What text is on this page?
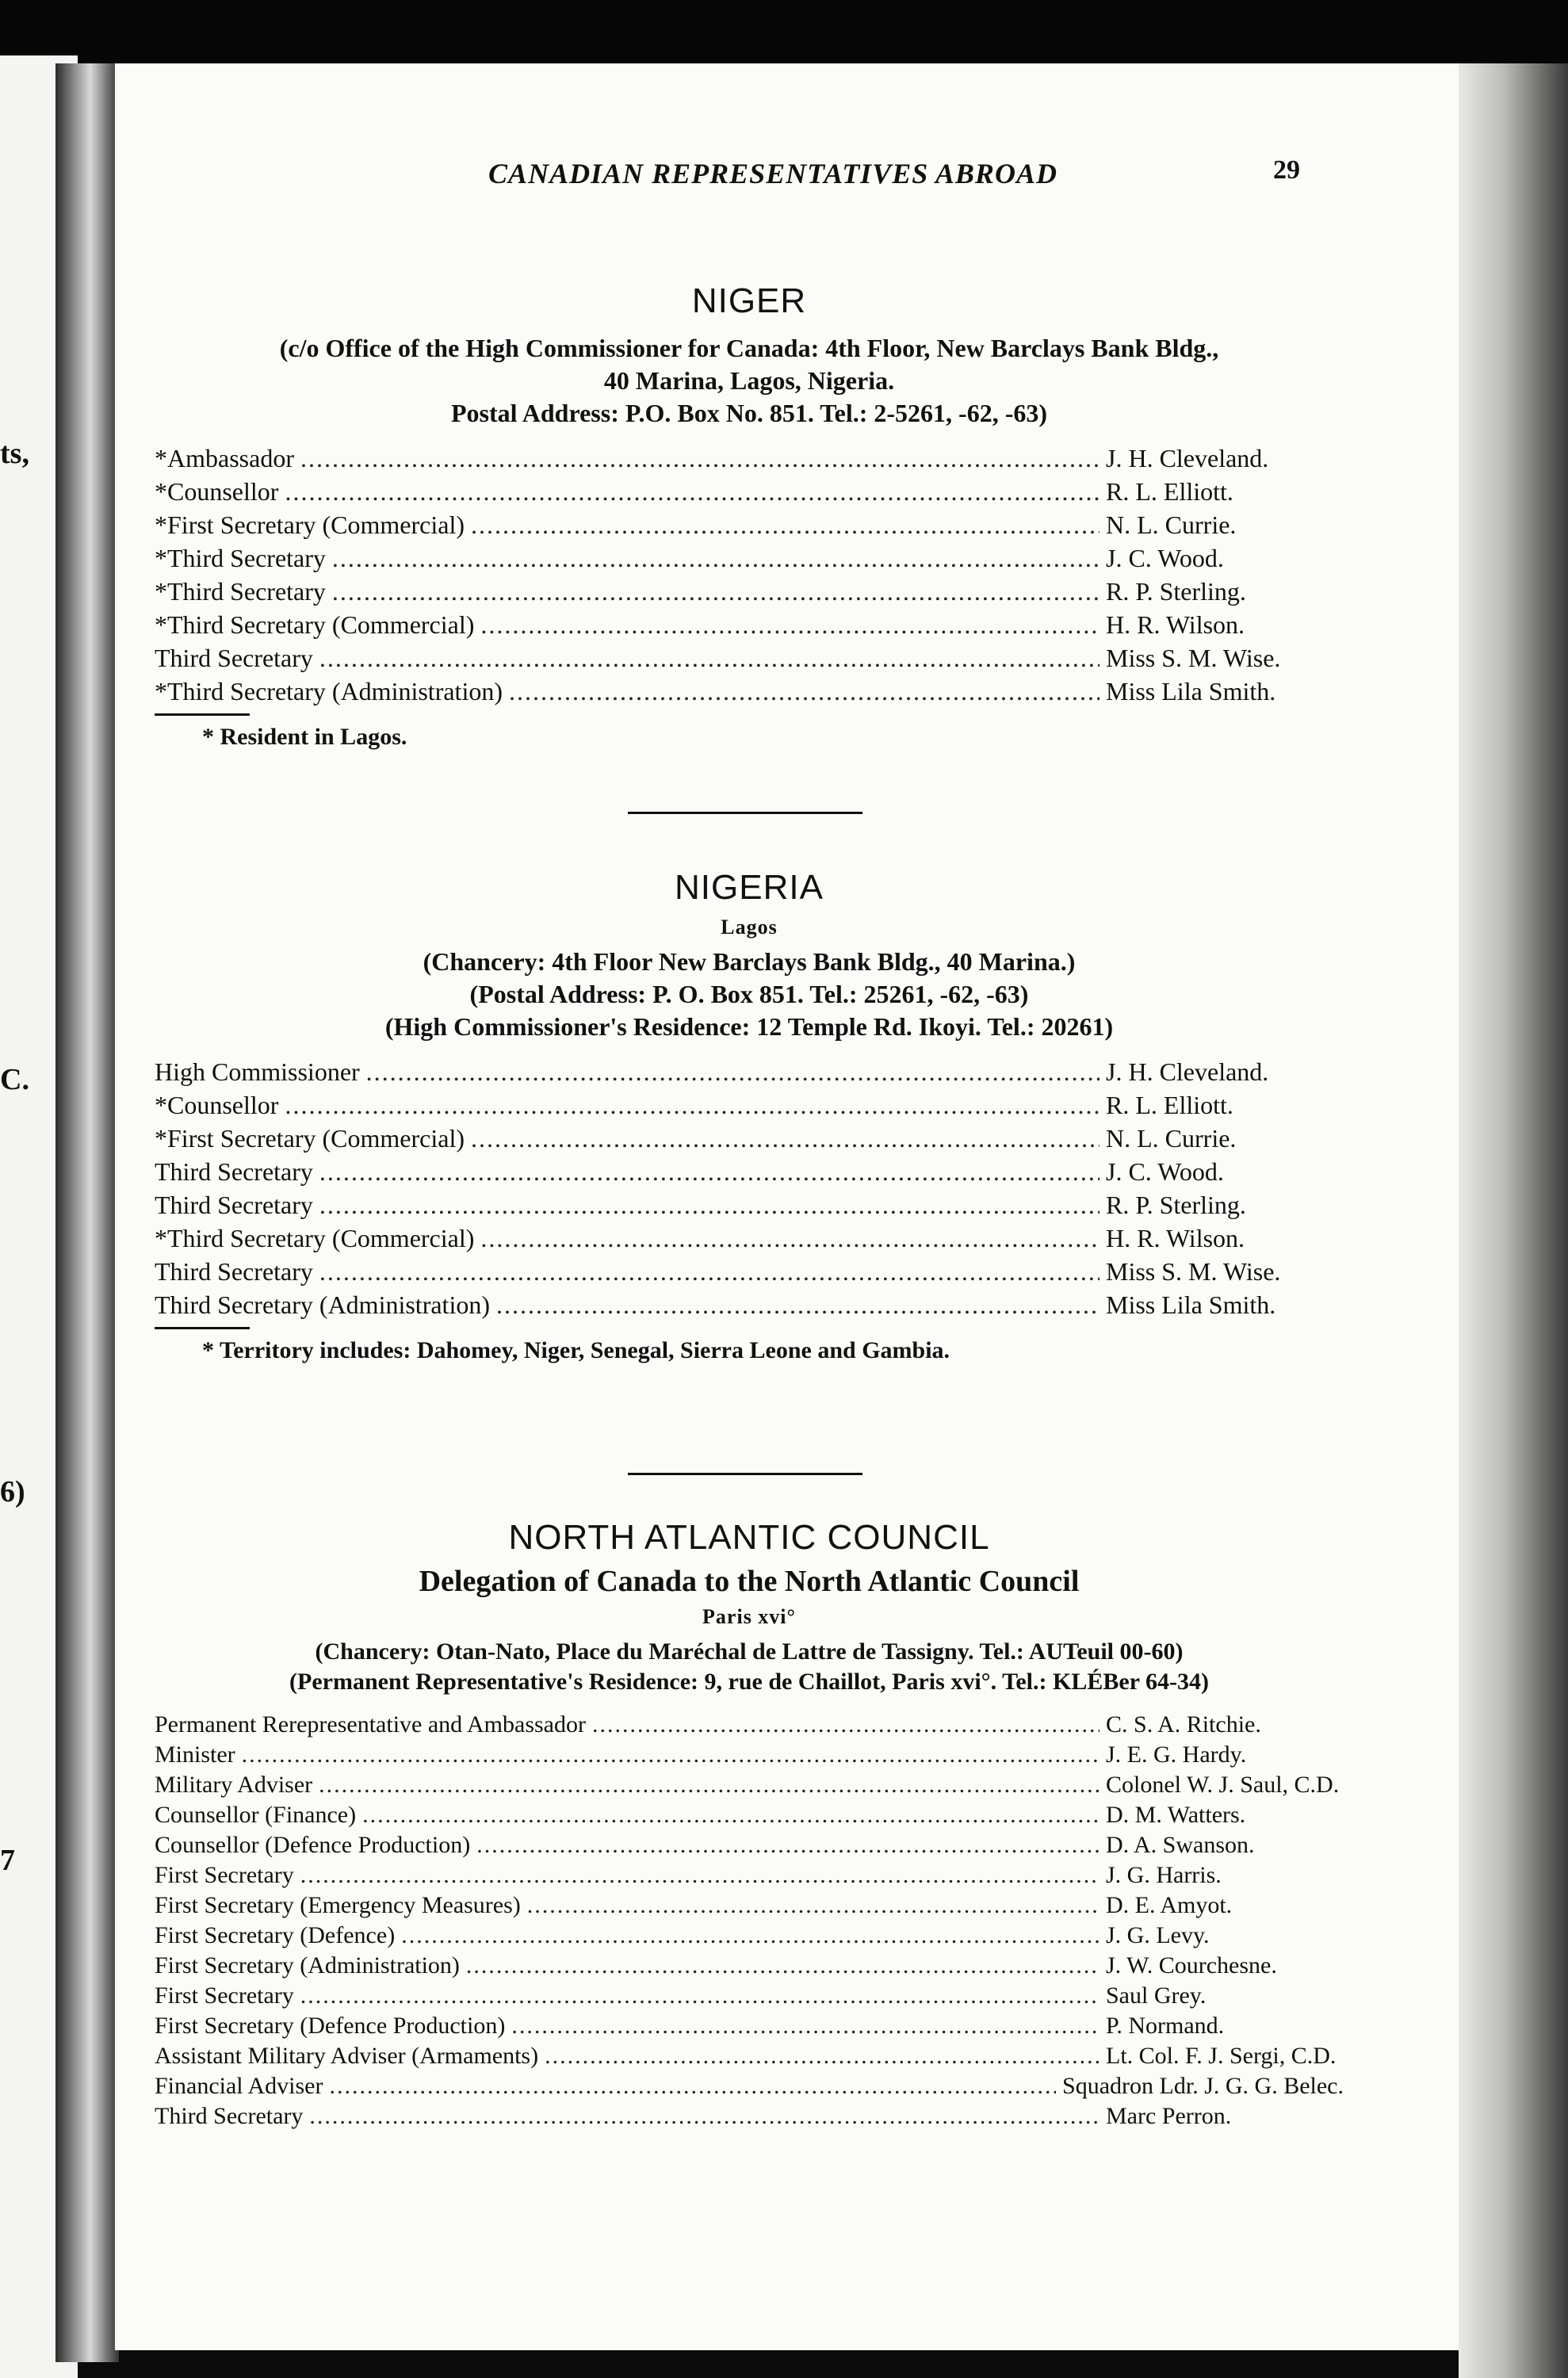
ts,
C.
6)
7
CANADIAN REPRESENTATIVES ABROAD	29
NIGER
(c/o Office of the High Commissioner for Canada: 4th Floor, New Barclays Bank Bldg.,
40 Marina, Lagos, Nigeria.
Postal Address: P.O. Box No. 851. Tel.: 2-5261, -62, -63)
*Ambassador .....	J. H. Cleveland.
*Counsellor .....	R. L. Elliott.
*First Secretary (Commercial) .....	N. L. Currie.
*Third Secretary .....	J. C. Wood.
*Third Secretary .....	R. P. Sterling.
*Third Secretary (Commercial) .....	H. R. Wilson.
Third Secretary .....	Miss S. M. Wise.
*Third Secretary (Administration) .....	Miss Lila Smith.
* Resident in Lagos.
NIGERIA
Lagos
(Chancery: 4th Floor New Barclays Bank Bldg., 40 Marina.)
(Postal Address: P. O. Box 851. Tel.: 25261, -62, -63)
(High Commissioner's Residence: 12 Temple Rd. Ikoyi. Tel.: 20261)
High Commissioner .....	J. H. Cleveland.
*Counsellor .....	R. L. Elliott.
*First Secretary (Commercial) .....	N. L. Currie.
Third Secretary .....	J. C. Wood.
Third Secretary .....	R. P. Sterling.
*Third Secretary (Commercial) .....	H. R. Wilson.
Third Secretary .....	Miss S. M. Wise.
Third Secretary (Administration) .....	Miss Lila Smith.
* Territory includes: Dahomey, Niger, Senegal, Sierra Leone and Gambia.
NORTH ATLANTIC COUNCIL
Delegation of Canada to the North Atlantic Council
Paris xvi°
(Chancery: Otan-Nato, Place du Maréchal de Lattre de Tassigny. Tel.: AUTeuil 00-60)
(Permanent Representative's Residence: 9, rue de Chaillot, Paris xvi°. Tel.: KLÉBer 64-34)
Permanent Rerepresentative and Ambassador .....	C. S. A. Ritchie.
Minister .....	J. E. G. Hardy.
Military Adviser .....	Colonel W. J. Saul, C.D.
Counsellor (Finance) .....	D. M. Watters.
Counsellor (Defence Production) .....	D. A. Swanson.
First Secretary .....	J. G. Harris.
First Secretary (Emergency Measures) .....	D. E. Amyot.
First Secretary (Defence) .....	J. G. Levy.
First Secretary (Administration) .....	J. W. Courchesne.
First Secretary .....	Saul Grey.
First Secretary (Defence Production) .....	P. Normand.
Assistant Military Adviser (Armaments) .....	Lt. Col. F. J. Sergi, C.D.
Financial Adviser .....	Squadron Ldr. J. G. G. Belec.
Third Secretary .....	Marc Perron.
